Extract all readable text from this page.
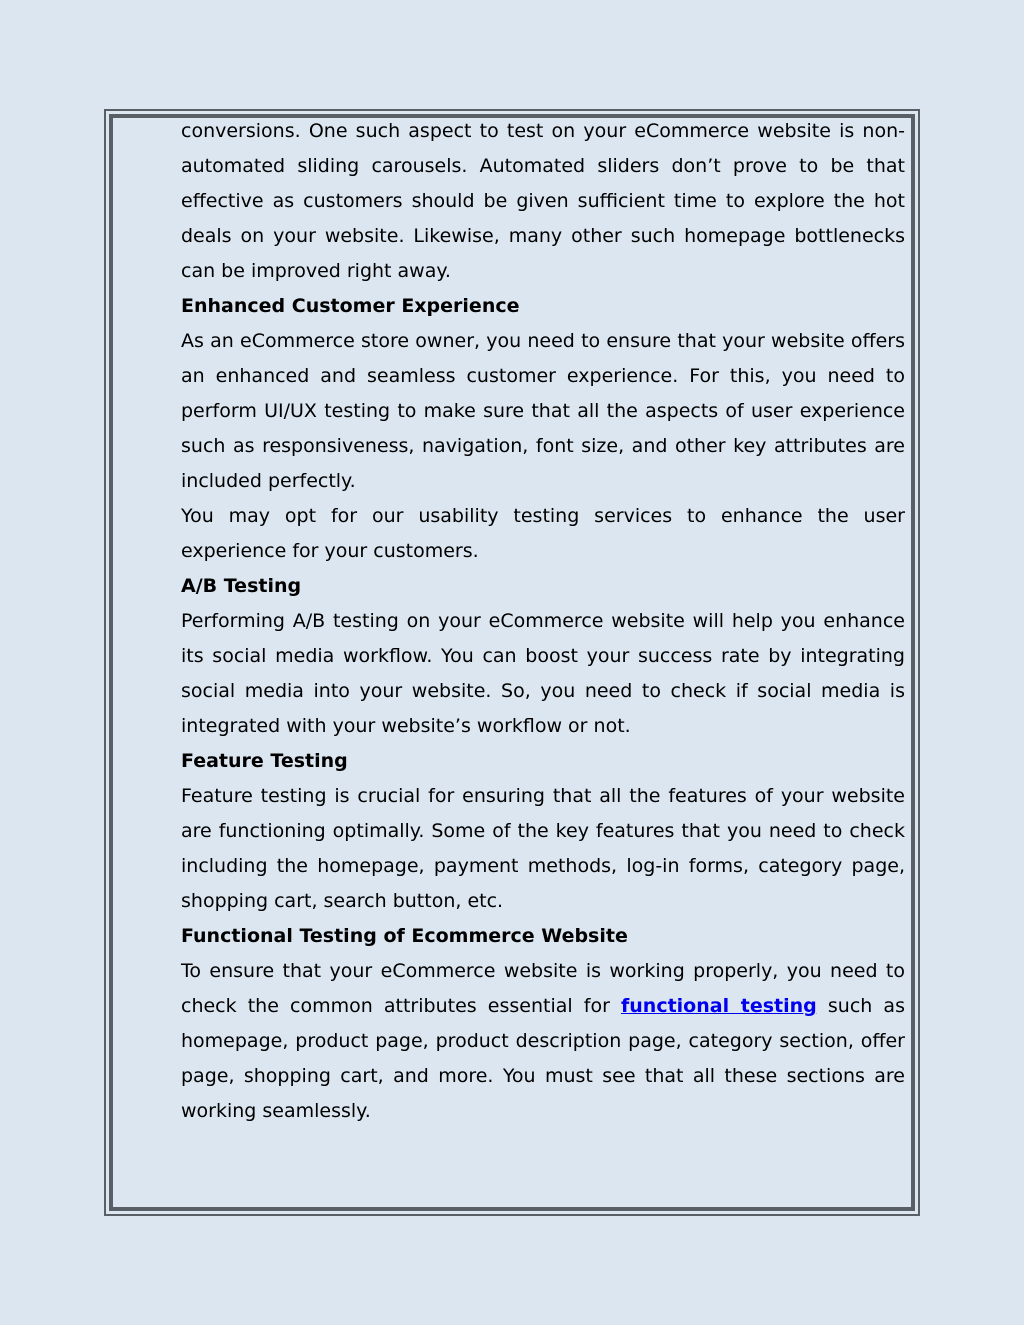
conversions. One such aspect to test on your eCommerce website is non-automated sliding carousels. Automated sliders don’t prove to be that effective as customers should be given sufficient time to explore the hot deals on your website. Likewise, many other such homepage bottlenecks can be improved right away.

Enhanced Customer Experience

As an eCommerce store owner, you need to ensure that your website offers an enhanced and seamless customer experience. For this, you need to perform UI/UX testing to make sure that all the aspects of user experience such as responsiveness, navigation, font size, and other key attributes are included perfectly.

You may opt for our usability testing services to enhance the user experience for your customers.

A/B Testing

Performing A/B testing on your eCommerce website will help you enhance its social media workflow. You can boost your success rate by integrating social media into your website. So, you need to check if social media is integrated with your website’s workflow or not.

Feature Testing

Feature testing is crucial for ensuring that all the features of your website are functioning optimally. Some of the key features that you need to check including the homepage, payment methods, log-in forms, category page, shopping cart, search button, etc.

Functional Testing of Ecommerce Website

To ensure that your eCommerce website is working properly, you need to check the common attributes essential for functional testing such as homepage, product page, product description page, category section, offer page, shopping cart, and more. You must see that all these sections are working seamlessly.
